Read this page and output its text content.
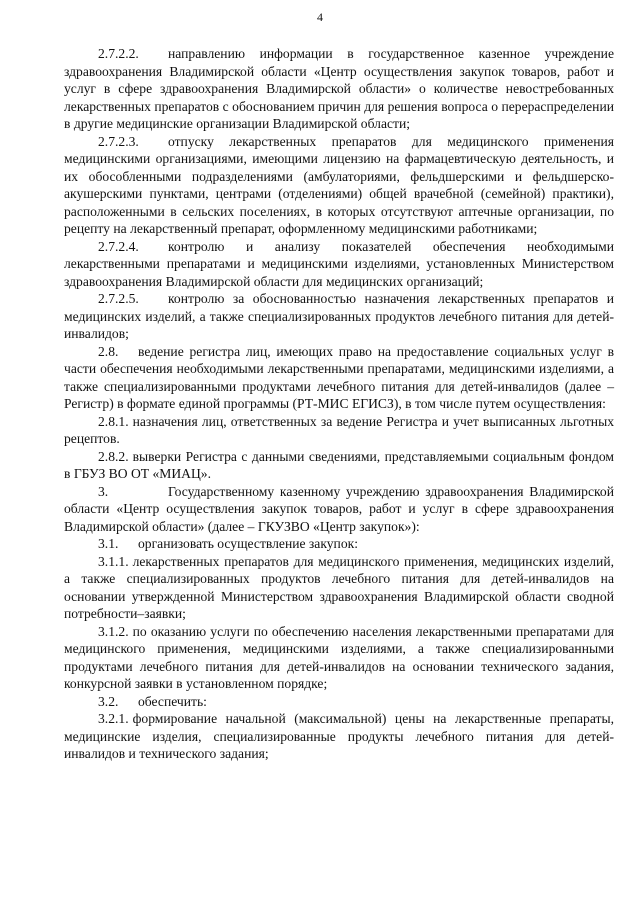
4

2.7.2.2. направлению информации в государственное казенное учреждение здравоохранения Владимирской области «Центр осуществления закупок товаров, работ и услуг в сфере здравоохранения Владимирской области» о количестве невостребованных лекарственных препаратов с обоснованием причин для решения вопроса о перераспределении в другие медицинские организации Владимирской области;

2.7.2.3. отпуску лекарственных препаратов для медицинского применения медицинскими организациями, имеющими лицензию на фармацевтическую деятельность, и их обособленными подразделениями (амбулаториями, фельдшерскими и фельдшерско-акушерскими пунктами, центрами (отделениями) общей врачебной (семейной) практики), расположенными в сельских поселениях, в которых отсутствуют аптечные организации, по рецепту на лекарственный препарат, оформленному медицинскими работниками;

2.7.2.4. контролю и анализу показателей обеспечения необходимыми лекарственными препаратами и медицинскими изделиями, установленных Министерством здравоохранения Владимирской области для медицинских организаций;

2.7.2.5. контролю за обоснованностью назначения лекарственных препаратов и медицинских изделий, а также специализированных продуктов лечебного питания для детей-инвалидов;

2.8. ведение регистра лиц, имеющих право на предоставление социальных услуг в части обеспечения необходимыми лекарственными препаратами, медицинскими изделиями, а также специализированными продуктами лечебного питания для детей-инвалидов (далее – Регистр) в формате единой программы (РТ-МИС ЕГИСЗ), в том числе путем осуществления:

2.8.1. назначения лиц, ответственных за ведение Регистра и учет выписанных льготных рецептов.

2.8.2. выверки Регистра с данными сведениями, представляемыми социальным фондом в ГБУЗ ВО ОТ «МИАЦ».

3.	Государственному казенному учреждению здравоохранения Владимирской области «Центр осуществления закупок товаров, работ и услуг в сфере здравоохранения Владимирской области» (далее – ГКУЗВО «Центр закупок»):

3.1. организовать осуществление закупок:

3.1.1. лекарственных препаратов для медицинского применения, медицинских изделий, а также специализированных продуктов лечебного питания для детей-инвалидов на основании утвержденной Министерством здравоохранения Владимирской области сводной потребности–заявки;

3.1.2. по оказанию услуги по обеспечению населения лекарственными препаратами для медицинского применения, медицинскими изделиями, а также специализированными продуктами лечебного питания для детей-инвалидов на основании технического задания, конкурсной заявки в установленном порядке;

3.2. обеспечить:

3.2.1. формирование начальной (максимальной) цены на лекарственные препараты, медицинские изделия, специализированные продукты лечебного питания для детей-инвалидов и технического задания;
